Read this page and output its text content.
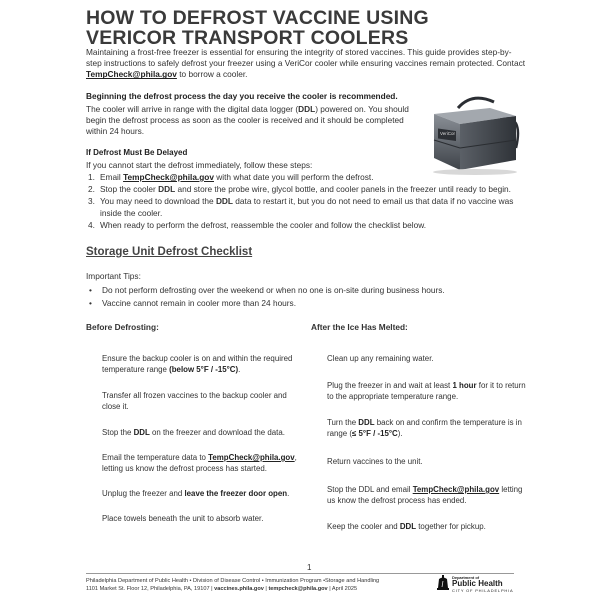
HOW TO DEFROST VACCINE USING
VERICOR TRANSPORT COOLERS

Maintaining a frost-free freezer is essential for ensuring the integrity of stored vaccines. This guide provides step-by-step instructions to safely defrost your freezer using a VeriCor cooler while ensuring vaccines remain protected. Contact TempCheck@phila.gov to borrow a cooler.

Beginning the defrost process the day you receive the cooler is recommended.

The cooler will arrive in range with the digital data logger (DDL) powered on. You should begin the defrost process as soon as the cooler is received and it should be completed within 24 hours.	VeriCor

If Defrost Must Be Delayed

If you cannot start the defrost immediately, follow these steps:

1. Email TempCheck@phila.gov with what date you will perform the defrost.
2. Stop the cooler DDL and store the probe wire, glycol bottle, and cooler panels in the freezer until ready to begin.
3. You may need to download the DDL data to restart it, but you do not need to email us that data if no vaccine was inside the cooler.
4. When ready to perform the defrost, reassemble the cooler and follow the checklist below.

Storage Unit Defrost Checklist

Important Tips:

• Do not perform defrosting over the weekend or when no one is on-site during business hours.
• Vaccine cannot remain in cooler more than 24 hours.

Before Defrosting:	After the Ice Has Melted:

Ensure the backup cooler is on and within the required temperature range (below 5°F / -15°C).

Transfer all frozen vaccines to the backup cooler and close it.

Stop the DDL on the freezer and download the data.

Email the temperature data to TempCheck@phila.gov, letting us know the defrost process has started.

Unplug the freezer and leave the freezer door open.

Place towels beneath the unit to absorb water.

Clean up any remaining water.

Plug the freezer in and wait at least 1 hour for it to return to the appropriate temperature range.

Turn the DDL back on and confirm the temperature is in range (≤ 5°F / -15°C).

Return vaccines to the unit.

Stop the DDL and email TempCheck@phila.gov letting us know the defrost process has ended.

Keep the cooler and DDL together for pickup.

1

Philadelphia Department of Public Health • Division of Disease Control • Immunization Program •Storage and Handling
1101 Market St. Floor 12, Philadelphia, PA, 19107 | vaccines.phila.gov | tempcheck@phila.gov | April 2025
Department of
Public Health
CITY OF PHILADELPHIA
